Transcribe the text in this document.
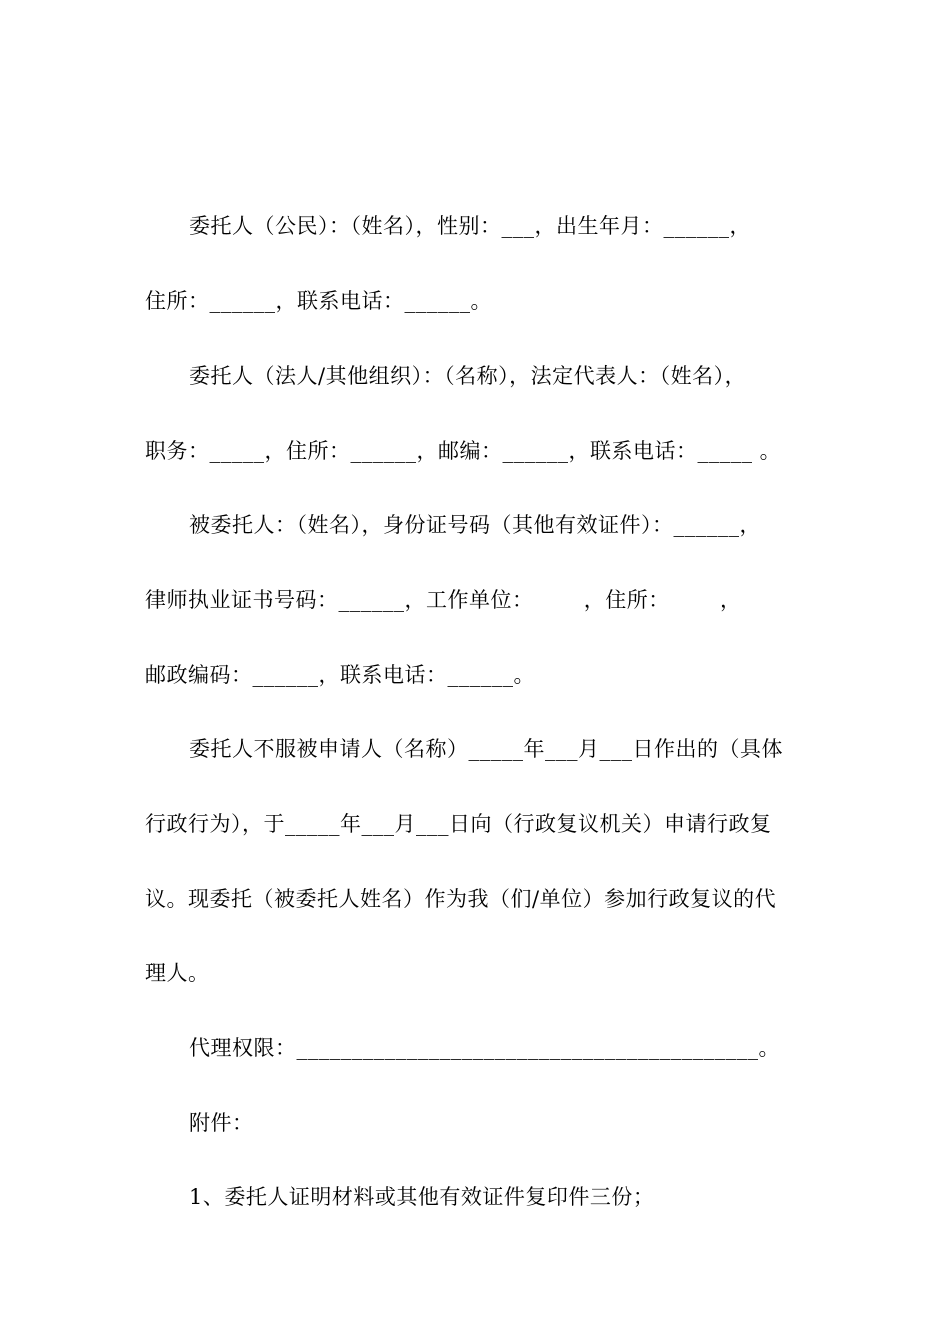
委托人（公民）：（姓名），性别：___，出生年月：______，
住所：______，联系电话：______。
委托人（法人/其他组织）：（名称），法定代表人：（姓名），
职务：_____，住所：______，邮编：______，联系电话：_____ 。
被委托人：（姓名），身份证号码（其他有效证件）：______，
律师执业证书号码：______，工作单位：       ，住所：       ，
邮政编码：______，联系电话：______。
委托人不服被申请人（名称）_____年___月___日作出的（具体
行政行为），于_____年___月___日向（行政复议机关）申请行政复
议。现委托（被委托人姓名）作为我（们/单位）参加行政复议的代
理人。
代理权限：__________________________________________。
附件：
1、委托人证明材料或其他有效证件复印件三份；
